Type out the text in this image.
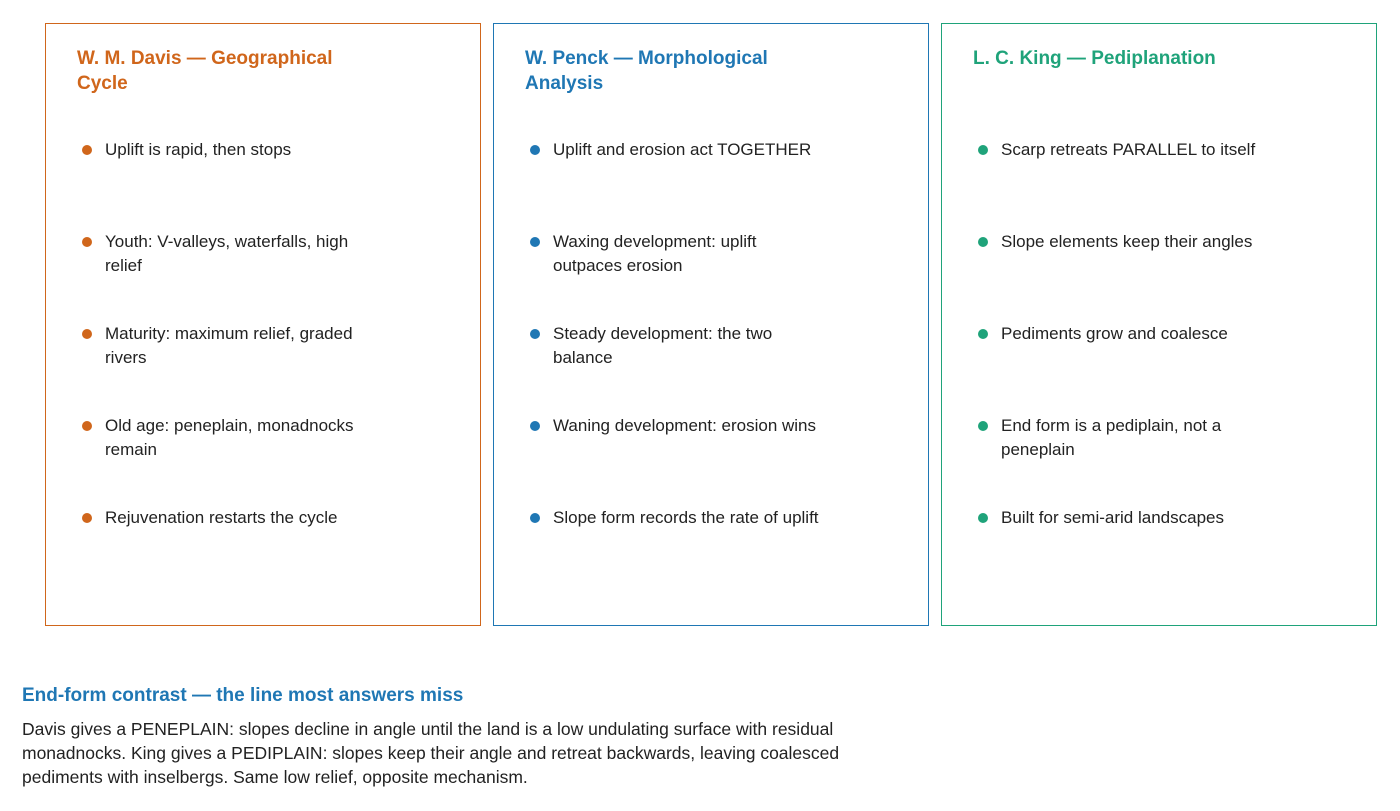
W. M. Davis — Geographical Cycle
Uplift is rapid, then stops
Youth: V-valleys, waterfalls, high relief
Maturity: maximum relief, graded rivers
Old age: peneplain, monadnocks remain
Rejuvenation restarts the cycle
W. Penck — Morphological Analysis
Uplift and erosion act TOGETHER
Waxing development: uplift outpaces erosion
Steady development: the two balance
Waning development: erosion wins
Slope form records the rate of uplift
L. C. King — Pediplanation
Scarp retreats PARALLEL to itself
Slope elements keep their angles
Pediments grow and coalesce
End form is a pediplain, not a peneplain
Built for semi-arid landscapes
End-form contrast — the line most answers miss

Davis gives a PENEPLAIN: slopes decline in angle until the land is a low undulating surface with residual monadnocks. King gives a PEDIPLAIN: slopes keep their angle and retreat backwards, leaving coalesced pediments with inselbergs. Same low relief, opposite mechanism.
